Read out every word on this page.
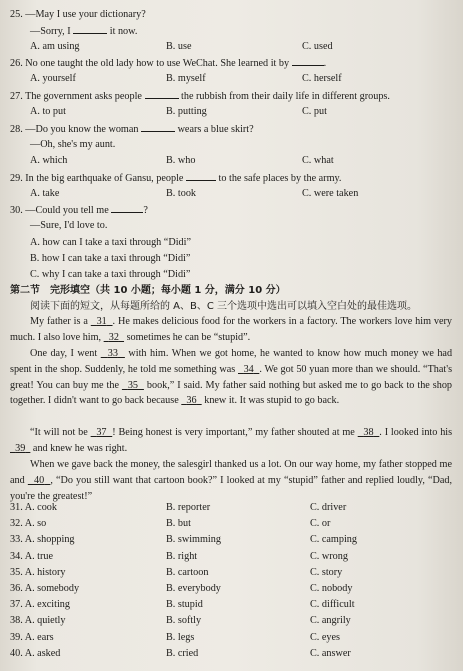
25. —May I use your dictionary?
—Sorry, I	it now.
A. am using	B. use	C. used
26. No one taught the old lady how to use WeChat. She learned it by	.
A. yourself	B. myself	C. herself
27. The government asks people	the rubbish from their daily life in different groups.
A. to put	B. putting	C. put
28. —Do you know the woman	wears a blue skirt?
—Oh, she's my aunt.
A. which	B. who	C. what
29. In the big earthquake of Gansu, people	to the safe places by the army.
A. take	B. took	C. were taken
30. —Could you tell me	?
—Sure, I'd love to.
A. how can I take a taxi through “Didi”
B. how I can take a taxi through “Didi”
C. why I can take a taxi through “Didi”
第二节　完形填空（共 10 小题；每小题 1 分，满分 10 分）
阅读下面的短文，从每题所给的 A、B、C 三个选项中选出可以填入空白处的最佳选项。
My father is a 31 . He makes delicious food for the workers in a factory. The workers love him very much. I also love him, 32 sometimes he can be “stupid”.
One day, I went 33 with him. When we got home, he wanted to know how much money we had spent in the shop. Suddenly, he told me something was 34 . We got 50 yuan more than we should. “That's great! You can buy me the 35 book,” I said. My father said nothing but asked me to go back to the shop together. I didn't want to go back because 36 knew it. It was stupid to go back.
“It will not be 37 ! Being honest is very important,” my father shouted at me 38 . I looked into his   39 and knew he was right.
When we gave back the money, the salesgirl thanked us a lot. On our way home, my father stopped me and 40 , “Do you still want that cartoon book?” I looked at my “stupid” father and replied loudly, “Dad, you're the greatest!”
31. A. cook	B. reporter	C. driver
32. A. so	B. but	C. or
33. A. shopping	B. swimming	C. camping
34. A. true	B. right	C. wrong
35. A. history	B. cartoon	C. story
36. A. somebody	B. everybody	C. nobody
37. A. exciting	B. stupid	C. difficult
38. A. quietly	B. softly	C. angrily
39. A. ears	B. legs	C. eyes
40. A. asked	B. cried	C. answer
